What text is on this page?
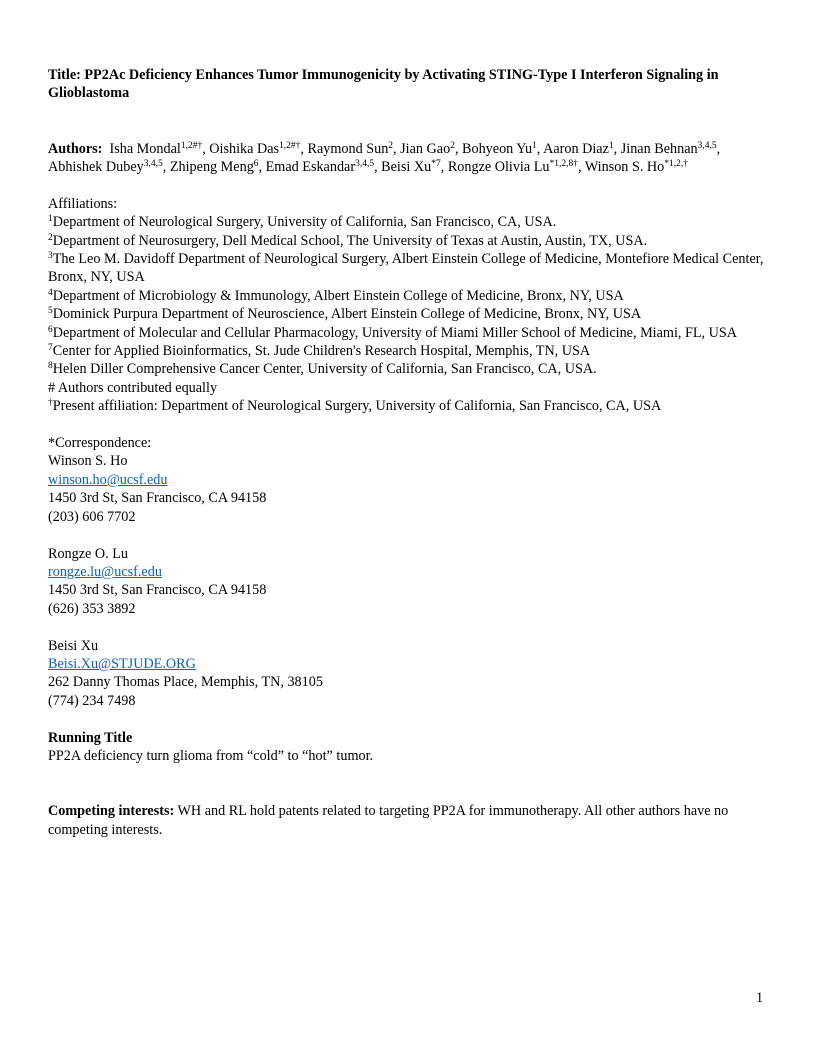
Title: PP2Ac Deficiency Enhances Tumor Immunogenicity by Activating STING-Type I Interferon Signaling in Glioblastoma

Authors: Isha Mondal$^{1,2\#\dagger}$, Oishika Das$^{1,2\#\dagger}$, Raymond Sun$^2$, Jian Gao$^2$, Bohyeon Yu$^1$, Aaron Diaz$^1$, Jinan Behnan$^{3,4,5}$, Abhishek Dubey$^{3,4,5}$, Zhipeng Meng$^6$, Emad Eskandar$^{3,4,5}$, Beisi Xu$^{*7}$, Rongze Olivia $Lu^{*1,2,8\dagger}$, Winson S. $Ho^{*1,2,\dagger}$

Affiliations:
$^1$Department of Neurological Surgery, University of California, San Francisco, CA, USA.
$^2$Department of Neurosurgery, Dell Medical School, The University of Texas at Austin, Austin, TX, USA.
$^3$The Leo M. Davidoff Department of Neurological Surgery, Albert Einstein College of Medicine, Montefiore Medical Center, Bronx, NY, USA
$^4$Department of Microbiology & Immunology, Albert Einstein College of Medicine, Bronx, NY, USA
$^5$Dominick Purpura Department of Neuroscience, Albert Einstein College of Medicine, Bronx, NY, USA
$^6$Department of Molecular and Cellular Pharmacology, University of Miami Miller School of Medicine, Miami, FL, USA
$^7$Center for Applied Bioinformatics, St. Jude Children's Research Hospital, Memphis, TN, USA
$^8$Helen Diller Comprehensive Cancer Center, University of California, San Francisco, CA, USA.
# Authors contributed equally
†Present affiliation: Department of Neurological Surgery, University of California, San Francisco, CA, USA
*Correspondence:
Winson S. Ho
winson.ho@ucsf.edu
1450 3rd St, San Francisco, CA 94158
(203) 606 7702
Rongze O. Lu
rongze.lu@ucsf.edu
1450 3rd St, San Francisco, CA 94158
(626) 353 3892
Beisi Xu
Beisi.Xu@STJUDE.ORG
262 Danny Thomas Place, Memphis, TN, 38105
(774) 234 7498
Running Title
PP2A deficiency turn glioma from “cold” to “hot” tumor.

Competing interests: WH and RL hold patents related to targeting PP2A for immunotherapy. All other authors have no competing interests.

1
